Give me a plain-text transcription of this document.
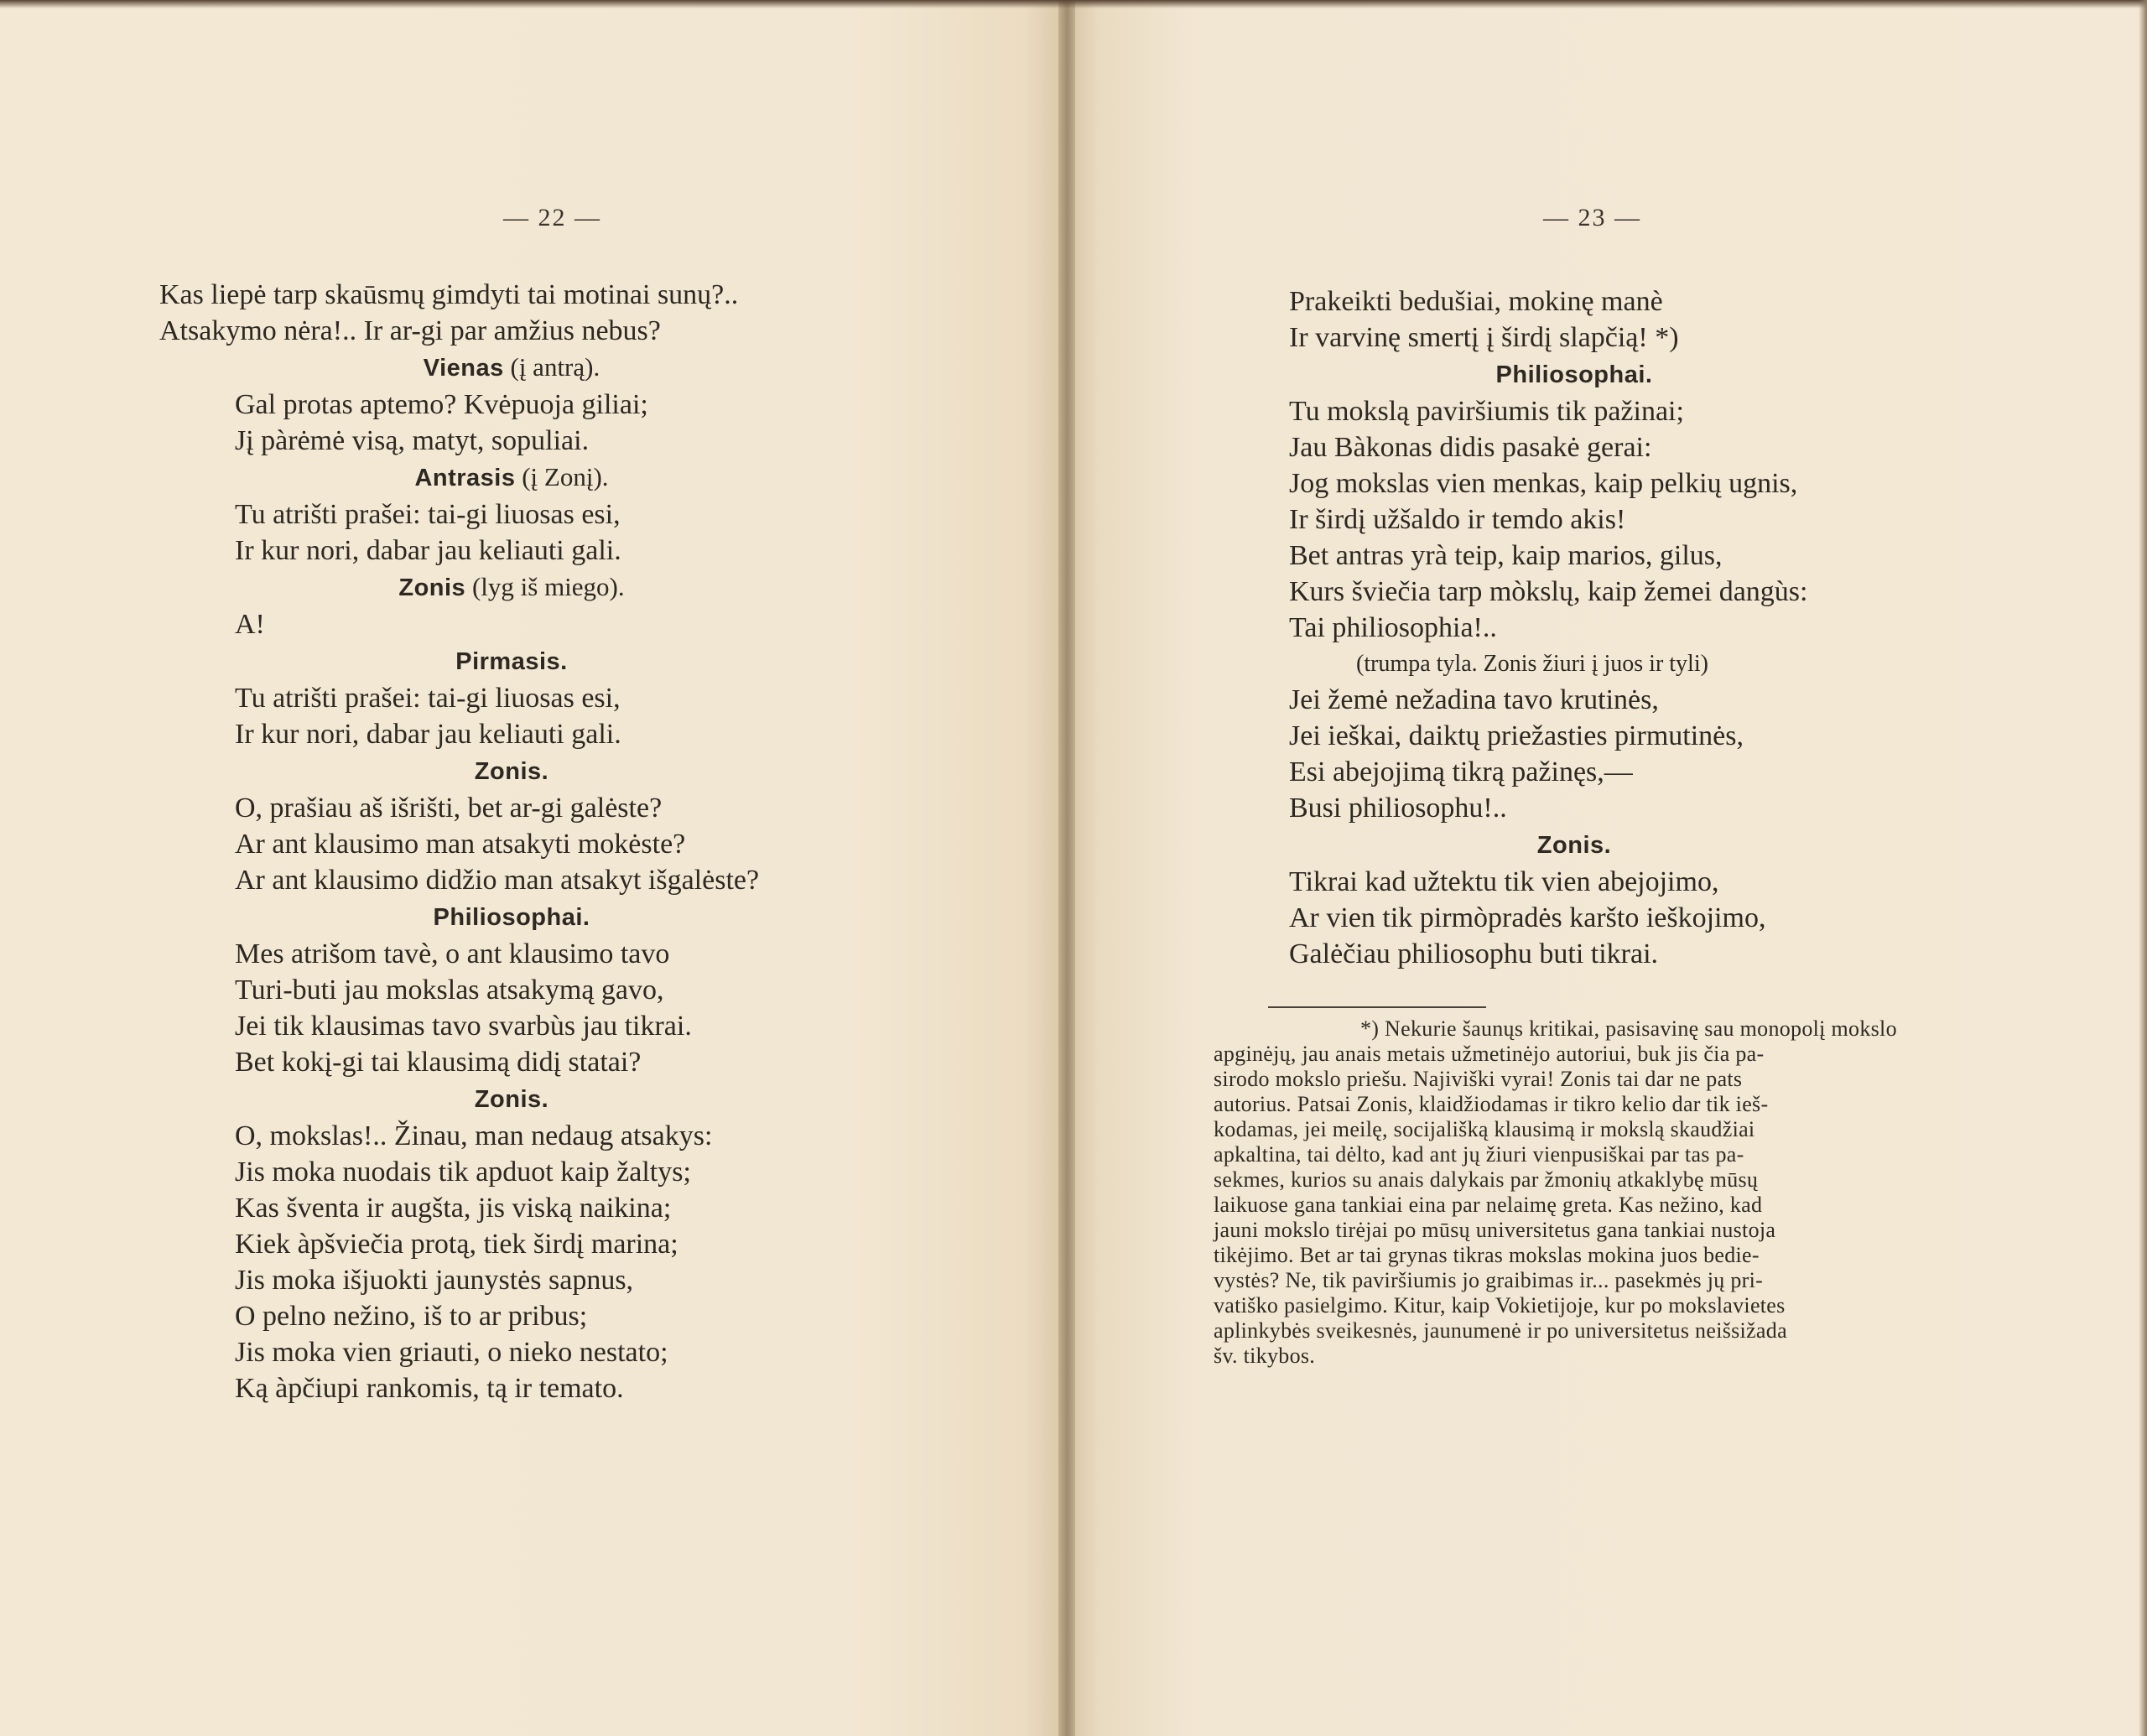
— 22 —
Kas liepė tarp skaūsmų gimdyti tai motinai sunų?..
Atsakymo nėra!.. Ir ar-gi par amžius nebus?
Vienas (į antrą).
Gal protas aptemo? Kvėpuoja giliai;
Jį pàrėmė visą, matyt, sopuliai.
Antrasis (į Zonį).
Tu atrišti prašei: tai-gi liuosas esi,
Ir kur nori, dabar jau keliauti gali.
Zonis (lyg iš miego).
A!
Pirmasis.
Tu atrišti prašei: tai-gi liuosas esi,
Ir kur nori, dabar jau keliauti gali.
Zonis.
O, prašiau aš išrišti, bet ar-gi galėste?
Ar ant klausimo man atsakyti mokėste?
Ar ant klausimo didžio man atsakyt išgalėste?
Philiosophai.
Mes atrišom tavè, o ant klausimo tavo
Turi-buti jau mokslas atsakymą gavo,
Jei tik klausimas tavo svarbùs jau tikrai.
Bet kokį-gi tai klausimą didį statai?
Zonis.
O, mokslas!.. Žinau, man nedaug atsakys:
Jis moka nuodais tik apduot kaip žaltys;
Kas šventa ir augšta, jis viską naikina;
Kiek àpšviečia protą, tiek širdį marina;
Jis moka išjuokti jaunystės sapnus,
O pelno nežino, iš to ar pribus;
Jis moka vien griauti, o nieko nestato;
Ką àpčiupi rankomis, tą ir temato.
— 23 —
Prakeikti bedušiai, mokinę manè
Ir varvinę smertį į širdį slapčią! *)
Philiosophai.
Tu mokslą paviršiumis tik pažinai;
Jau Bàkonas didis pasakė gerai:
Jog mokslas vien menkas, kaip pelkių ugnis,
Ir širdį užšaldo ir temdo akis!
Bet antras yrà teip, kaip marios, gilus,
Kurs šviečia tarp mòkslų, kaip žemei dangùs:
Tai philiosophia!..
(trumpa tyla. Zonis žiuri į juos ir tyli)
Jei žemė nežadina tavo krutinės,
Jei ieškai, daiktų priežasties pirmutinės,
Esi abejojimą tikrą pažinęs,—
Busi philiosophu!..
Zonis.
Tikrai kad užtektu tik vien abejojimo,
Ar vien tik pirmòpradės karšto ieškojimo,
Galėčiau philiosophu buti tikrai.
*) Nekurie šaunųs kritikai, pasisavinę sau monopolį mokslo
apginėjų, jau anais metais užmetinėjo autoriui, buk jis čia pa-
sirodo mokslo priešu. Najiviški vyrai! Zonis tai dar ne pats
autorius. Patsai Zonis, klaidžiodamas ir tikro kelio dar tik ieš-
kodamas, jei meilę, socijališką klausimą ir mokslą skaudžiai
apkaltina, tai dėlto, kad ant jų žiuri vienpusiškai par tas pa-
sekmes, kurios su anais dalykais par žmonių atkaklybę mūsų
laikuose gana tankiai eina par nelaimę greta. Kas nežino, kad
jauni mokslo tirėjai po mūsų universitetus gana tankiai nustoja
tikėjimo. Bet ar tai grynas tikras mokslas mokina juos bedie-
vystės? Ne, tik paviršiumis jo graibimas ir... pasekmės jų pri-
vatiško pasielgimo. Kitur, kaip Vokietijoje, kur po mokslavietes
aplinkybės sveikesnės, jaunumenė ir po universitetus neišsižada
šv. tikybos.
